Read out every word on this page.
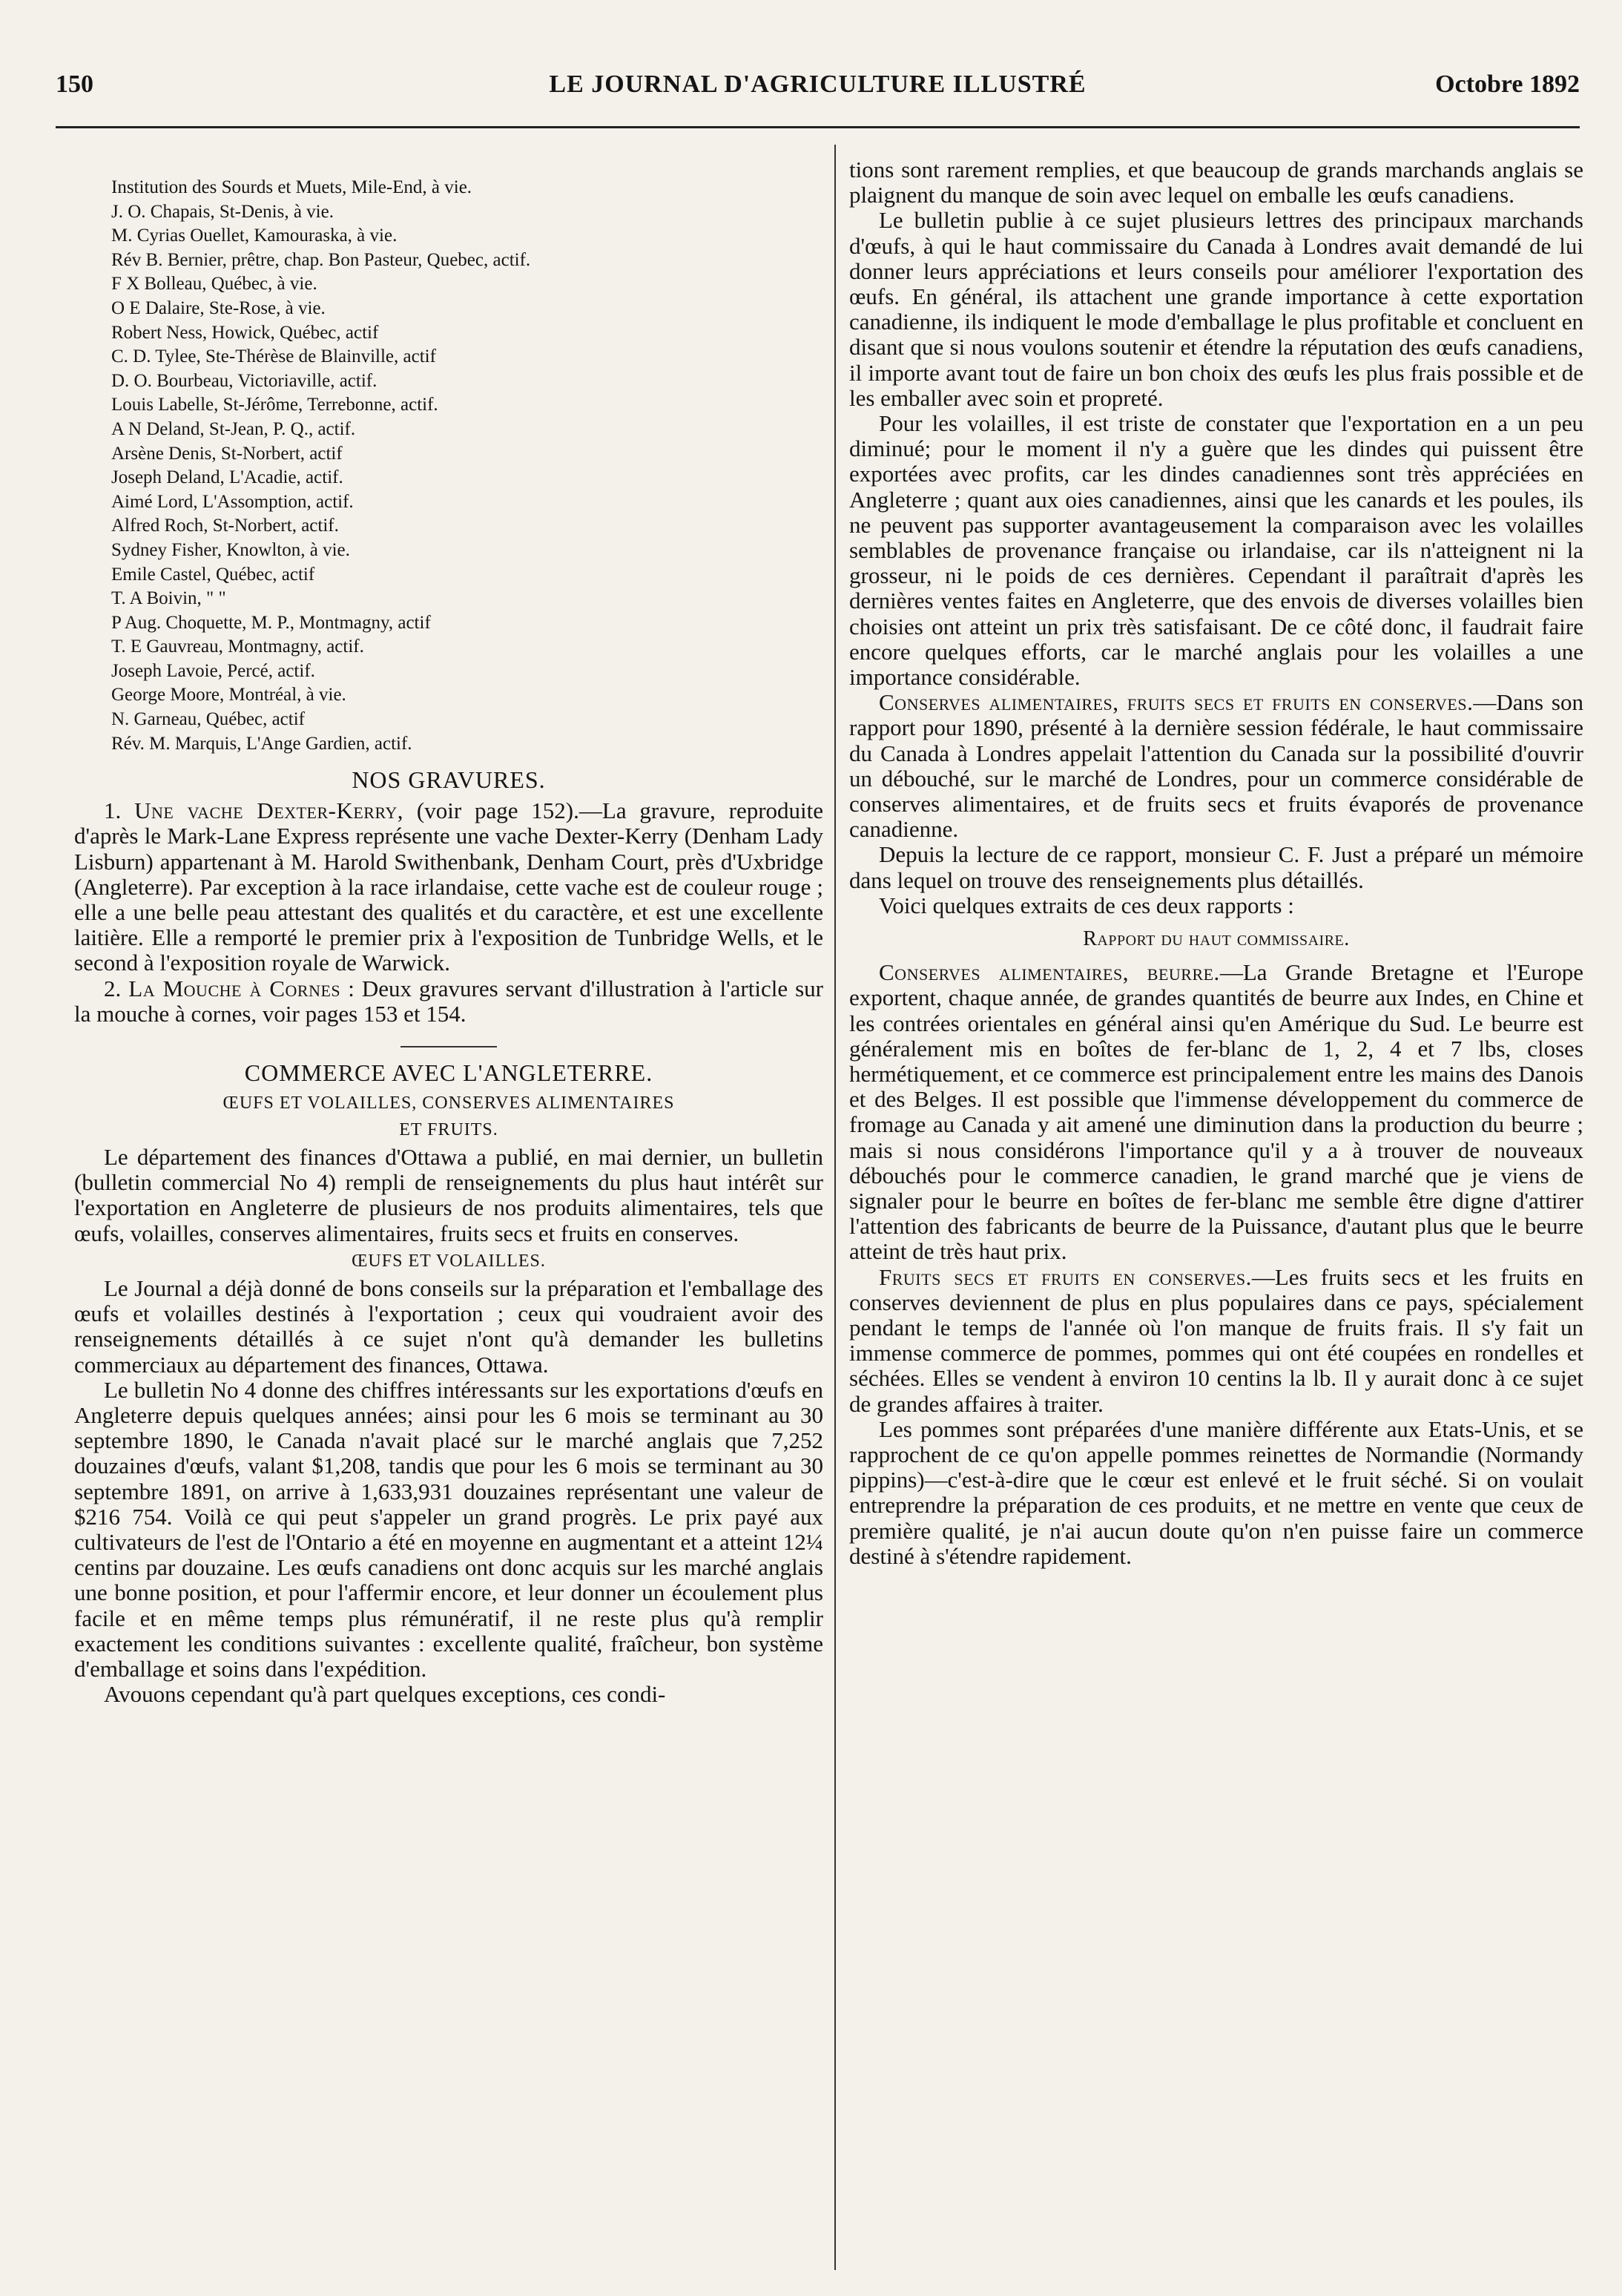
150	LE JOURNAL D'AGRICULTURE ILLUSTRÉ	Octobre 1892
Institution des Sourds et Muets, Mile-End, à vie.
J. O. Chapais, St-Denis, à vie.
M. Cyrias Ouellet, Kamouraska, à vie.
Rév B. Bernier, prêtre, chap. Bon Pasteur, Quebec, actif.
F X Bolleau, Québec, à vie.
O E Dalaire, Ste-Rose, à vie.
Robert Ness, Howick, Québec, actif
C. D. Tylee, Ste-Thérèse de Blainville, actif
D. O. Bourbeau, Victoriaville, actif.
Louis Labelle, St-Jérôme, Terrebonne, actif.
A N Deland, St-Jean, P. Q., actif.
Arsène Denis, St-Norbert, actif
Joseph Deland, L'Acadie, actif.
Aimé Lord, L'Assomption, actif.
Alfred Roch, St-Norbert, actif.
Sydney Fisher, Knowlton, à vie.
Emile Castel, Québec, actif
T. A Boivin, " "
P Aug. Choquette, M. P., Montmagny, actif
T. E Gauvreau, Montmagny, actif.
Joseph Lavoie, Percé, actif.
George Moore, Montréal, à vie.
N. Garneau, Québec, actif
Rév. M. Marquis, L'Ange Gardien, actif.
NOS GRAVURES.

1. Une vache Dexter-Kerry, (voir page 152).—La gravure, reproduite d'après le Mark-Lane Express représente une vache Dexter-Kerry (Denham Lady Lisburn) appartenant à M. Harold Swithenbank, Denham Court, près d'Uxbridge (Angleterre). Par exception à la race irlandaise, cette vache est de couleur rouge ; elle a une belle peau attestant des qualités et du caractère, et est une excellente laitière. Elle a remporté le premier prix à l'exposition de Tunbridge Wells, et le second à l'exposition royale de Warwick.

2. La Mouche à Cornes : Deux gravures servant d'illustration à l'article sur la mouche à cornes, voir pages 153 et 154.

COMMERCE AVEC L'ANGLETERRE.
ŒUFS ET VOLAILLES, CONSERVES ALIMENTAIRES
ET FRUITS.

Le département des finances d'Ottawa a publié, en mai dernier, un bulletin (bulletin commercial No 4) rempli de renseignements du plus haut intérêt sur l'exportation en Angleterre de plusieurs de nos produits alimentaires, tels que œufs, volailles, conserves alimentaires, fruits secs et fruits en conserves.

ŒUFS ET VOLAILLES.

Le Journal a déjà donné de bons conseils sur la préparation et l'emballage des œufs et volailles destinés à l'exportation ; ceux qui voudraient avoir des renseignements détaillés à ce sujet n'ont qu'à demander les bulletins commerciaux au département des finances, Ottawa.

Le bulletin No 4 donne des chiffres intéressants sur les exportations d'œufs en Angleterre depuis quelques années; ainsi pour les 6 mois se terminant au 30 septembre 1890, le Canada n'avait placé sur le marché anglais que 7,252 douzaines d'œufs, valant $1,208, tandis que pour les 6 mois se terminant au 30 septembre 1891, on arrive à 1,633,931 douzaines représentant une valeur de $216 754. Voilà ce qui peut s'appeler un grand progrès. Le prix payé aux cultivateurs de l'est de l'Ontario a été en moyenne en augmentant et a atteint 12¼ centins par douzaine. Les œufs canadiens ont donc acquis sur les marché anglais une bonne position, et pour l'affermir encore, et leur donner un écoulement plus facile et en même temps plus rémunératif, il ne reste plus qu'à remplir exactement les conditions suivantes : excellente qualité, fraîcheur, bon système d'emballage et soins dans l'expédition.

Avouons cependant qu'à part quelques exceptions, ces condi-

tions sont rarement remplies, et que beaucoup de grands marchands anglais se plaignent du manque de soin avec lequel on emballe les œufs canadiens.

Le bulletin publie à ce sujet plusieurs lettres des principaux marchands d'œufs, à qui le haut commissaire du Canada à Londres avait demandé de lui donner leurs appréciations et leurs conseils pour améliorer l'exportation des œufs. En général, ils attachent une grande importance à cette exportation canadienne, ils indiquent le mode d'emballage le plus profitable et concluent en disant que si nous voulons soutenir et étendre la réputation des œufs canadiens, il importe avant tout de faire un bon choix des œufs les plus frais possible et de les emballer avec soin et propreté.

Pour les volailles, il est triste de constater que l'exportation en a un peu diminué; pour le moment il n'y a guère que les dindes qui puissent être exportées avec profits, car les dindes canadiennes sont très appréciées en Angleterre ; quant aux oies canadiennes, ainsi que les canards et les poules, ils ne peuvent pas supporter avantageusement la comparaison avec les volailles semblables de provenance française ou irlandaise, car ils n'atteignent ni la grosseur, ni le poids de ces dernières. Cependant il paraîtrait d'après les dernières ventes faites en Angleterre, que des envois de diverses volailles bien choisies ont atteint un prix très satisfaisant. De ce côté donc, il faudrait faire encore quelques efforts, car le marché anglais pour les volailles a une importance considérable.

Conserves alimentaires, fruits secs et fruits en conserves.—Dans son rapport pour 1890, présenté à la dernière session fédérale, le haut commissaire du Canada à Londres appelait l'attention du Canada sur la possibilité d'ouvrir un débouché, sur le marché de Londres, pour un commerce considérable de conserves alimentaires, et de fruits secs et fruits évaporés de provenance canadienne.

Depuis la lecture de ce rapport, monsieur C. F. Just a préparé un mémoire dans lequel on trouve des renseignements plus détaillés.

Voici quelques extraits de ces deux rapports :

Rapport du haut commissaire.

Conserves alimentaires, beurre.—La Grande Bretagne et l'Europe exportent, chaque année, de grandes quantités de beurre aux Indes, en Chine et les contrées orientales en général ainsi qu'en Amérique du Sud. Le beurre est généralement mis en boîtes de fer-blanc de 1, 2, 4 et 7 lbs, closes hermétiquement, et ce commerce est principalement entre les mains des Danois et des Belges. Il est possible que l'immense développement du commerce de fromage au Canada y ait amené une diminution dans la production du beurre ; mais si nous considérons l'importance qu'il y a à trouver de nouveaux débouchés pour le commerce canadien, le grand marché que je viens de signaler pour le beurre en boîtes de fer-blanc me semble être digne d'attirer l'attention des fabricants de beurre de la Puissance, d'autant plus que le beurre atteint de très haut prix.

Fruits secs et fruits en conserves.—Les fruits secs et les fruits en conserves deviennent de plus en plus populaires dans ce pays, spécialement pendant le temps de l'année où l'on manque de fruits frais. Il s'y fait un immense commerce de pommes, pommes qui ont été coupées en rondelles et séchées. Elles se vendent à environ 10 centins la lb. Il y aurait donc à ce sujet de grandes affaires à traiter.

Les pommes sont préparées d'une manière différente aux Etats-Unis, et se rapprochent de ce qu'on appelle pommes reinettes de Normandie (Normandy pippins)—c'est-à-dire que le cœur est enlevé et le fruit séché. Si on voulait entreprendre la préparation de ces produits, et ne mettre en vente que ceux de première qualité, je n'ai aucun doute qu'on n'en puisse faire un commerce destiné à s'étendre rapidement.
